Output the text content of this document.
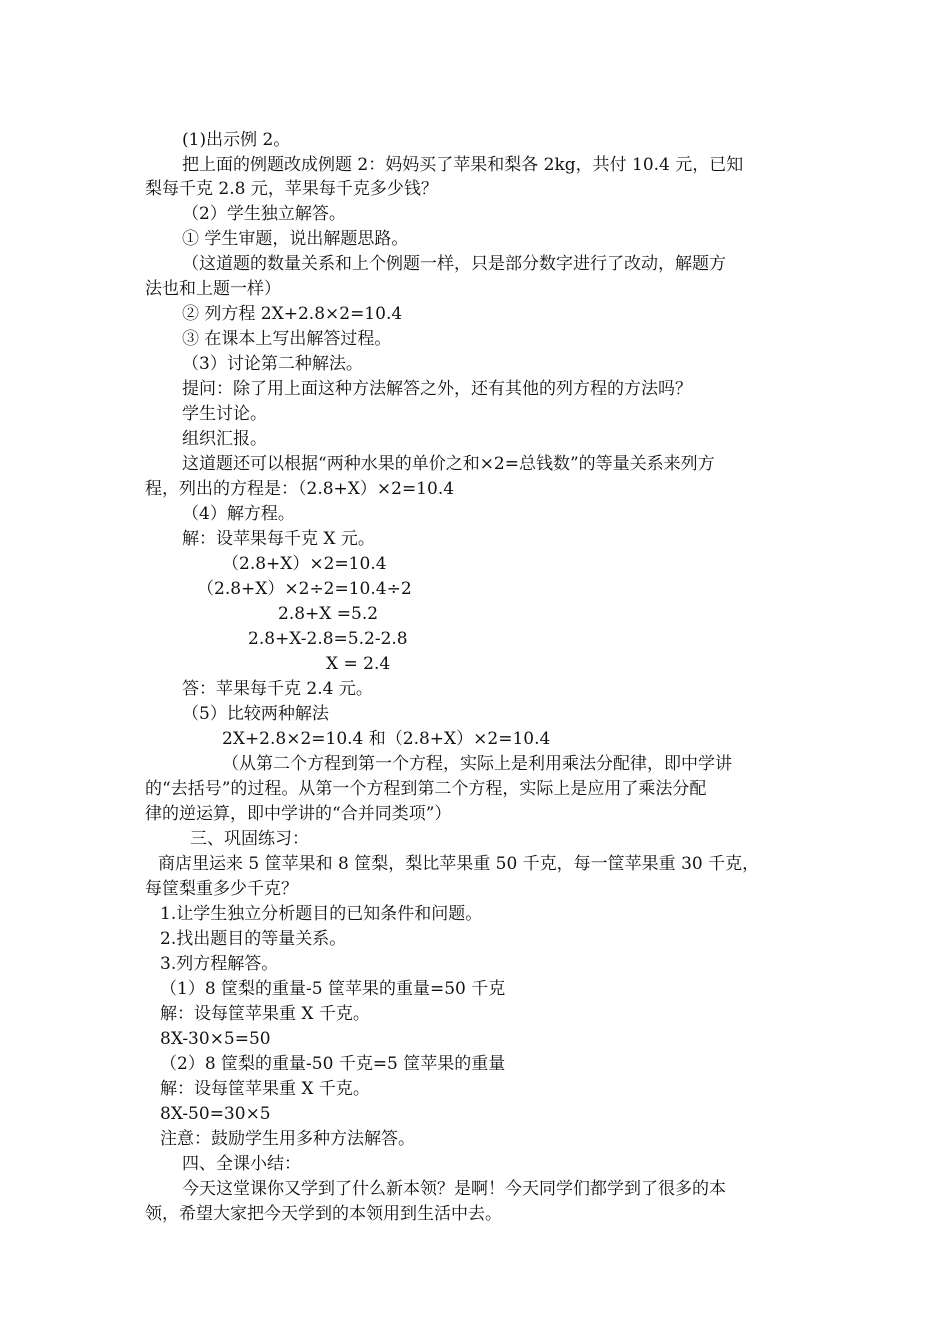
(1)出示例 2。
把上面的例题改成例题 2：妈妈买了苹果和梨各 2kg，共付 10.4 元，已知
梨每千克 2.8 元，苹果每千克多少钱？
（2）学生独立解答。
① 学生审题，说出解题思路。
（这道题的数量关系和上个例题一样，只是部分数字进行了改动，解题方
法也和上题一样）
② 列方程 2X+2.8×2=10.4
③ 在课本上写出解答过程。
（3）讨论第二种解法。
提问：除了用上面这种方法解答之外，还有其他的列方程的方法吗？
学生讨论。
组织汇报。
这道题还可以根据“两种水果的单价之和×2=总钱数”的等量关系来列方
程，列出的方程是：（2.8+X）×2=10.4
（4）解方程。
解：设苹果每千克 X 元。
（2.8+X）×2=10.4
（2.8+X）×2÷2=10.4÷2
2.8+X =5.2
2.8+X-2.8=5.2-2.8
X = 2.4
答：苹果每千克 2.4 元。
（5）比较两种解法
2X+2.8×2=10.4 和（2.8+X）×2=10.4
（从第二个方程到第一个方程，实际上是利用乘法分配律，即中学讲
的“去括号”的过程。从第一个方程到第二个方程，实际上是应用了乘法分配
律的逆运算，即中学讲的“合并同类项”）
三、巩固练习：
商店里运来 5 筐苹果和 8 筐梨，梨比苹果重 50 千克，每一筐苹果重 30 千克，
每筐梨重多少千克？
1.让学生独立分析题目的已知条件和问题。
2.找出题目的等量关系。
3.列方程解答。
（1）8 筐梨的重量-5 筐苹果的重量=50 千克
解：设每筐苹果重 X 千克。
8X-30×5=50
（2）8 筐梨的重量-50 千克=5 筐苹果的重量
解：设每筐苹果重 X 千克。
8X-50=30×5
注意：鼓励学生用多种方法解答。
四、全课小结：
今天这堂课你又学到了什么新本领？是啊！今天同学们都学到了很多的本
领，希望大家把今天学到的本领用到生活中去。
